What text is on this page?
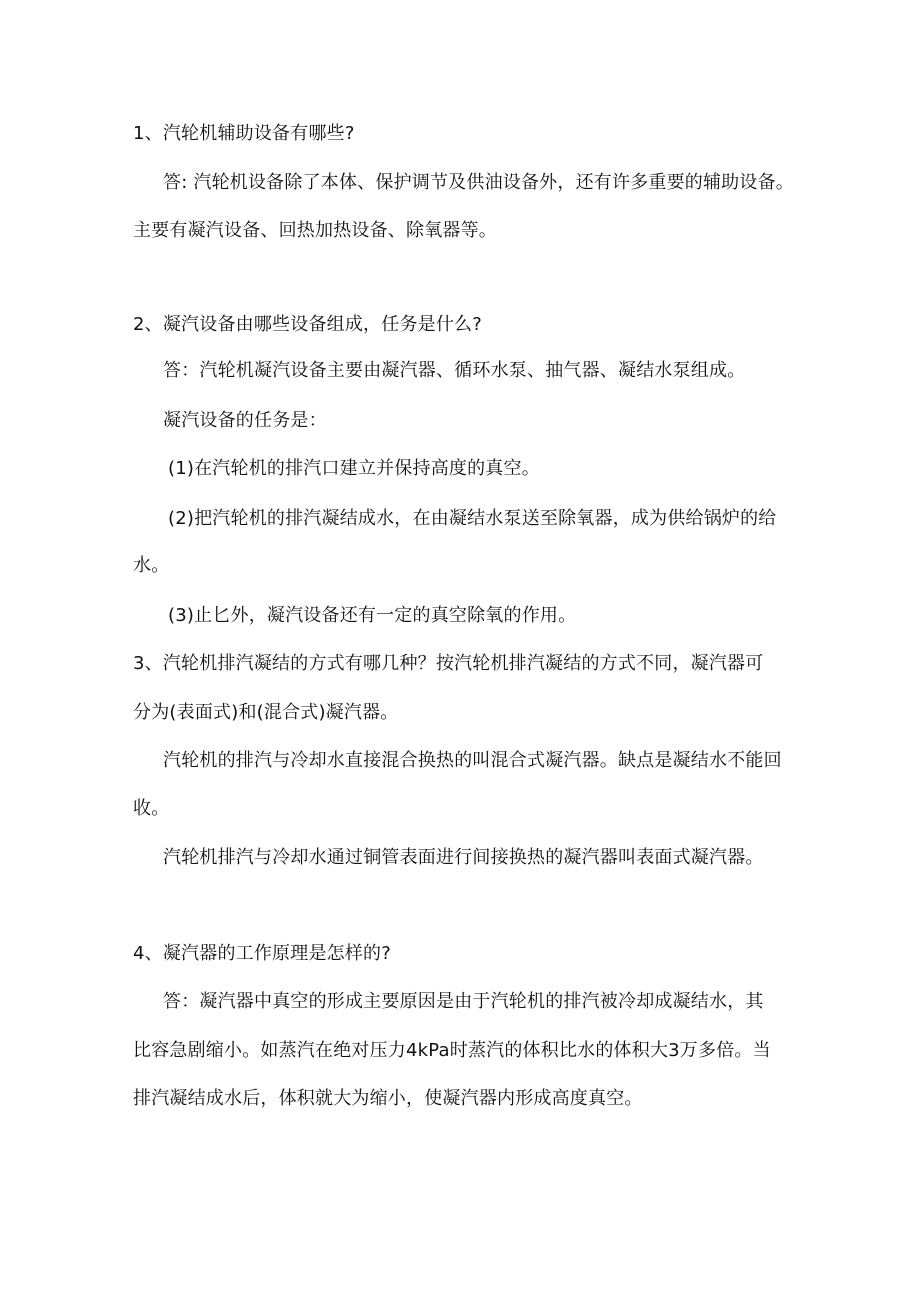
1、汽轮机辅助设备有哪些?
答: 汽轮机设备除了本体、保护调节及供油设备外，还有许多重要的辅助设备。
主要有凝汽设备、回热加热设备、除氧器等。
2、凝汽设备由哪些设备组成，任务是什么?
答：汽轮机凝汽设备主要由凝汽器、循环水泵、抽气器、凝结水泵组成。
凝汽设备的任务是：
(1)在汽轮机的排汽口建立并保持高度的真空。
(2)把汽轮机的排汽凝结成水，在由凝结水泵送至除氧器，成为供给锅炉的给
水。
(3)止匕外，凝汽设备还有一定的真空除氧的作用。
3、汽轮机排汽凝结的方式有哪几种？按汽轮机排汽凝结的方式不同，凝汽器可
分为(表面式)和(混合式)凝汽器。
汽轮机的排汽与冷却水直接混合换热的叫混合式凝汽器。缺点是凝结水不能回
收。
汽轮机排汽与冷却水通过铜管表面进行间接换热的凝汽器叫表面式凝汽器。
4、凝汽器的工作原理是怎样的?
答：凝汽器中真空的形成主要原因是由于汽轮机的排汽被冷却成凝结水，其
比容急剧缩小。如蒸汽在绝对压力4kPa时蒸汽的体积比水的体积大3万多倍。当
排汽凝结成水后，体积就大为缩小，使凝汽器内形成高度真空。
